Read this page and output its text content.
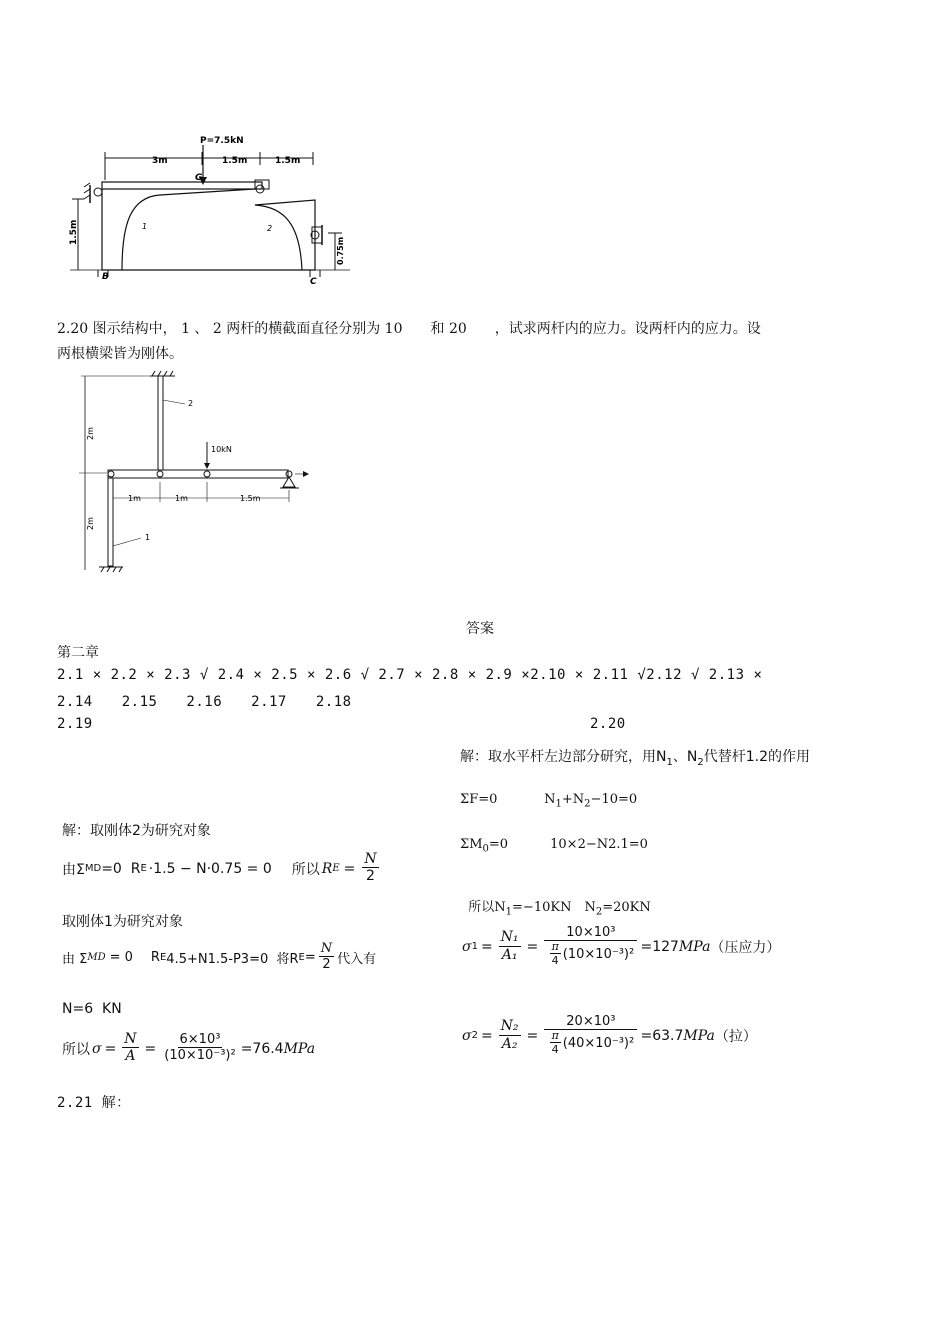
3m	1.5m	1.5m
P=7.5kN
G
1	2
1.5m
0.75m
B	C
2.20 图示结构中， 1 、 2 两杆的横截面直径分别为 10　　和 20　　，试求两杆内的应力。设两杆内的应力。设
两根横梁皆为刚体。
2
2m
2m
10kN
1m	1m	1.5m
1
答案
第二章
2.1 × 2.2 × 2.3 √ 2.4 × 2.5 × 2.6 √ 2.7 × 2.8 × 2.9 ×2.10 × 2.11 √2.12 √ 2.13 ×
2.14　　2.15　　2.16　　2.17　　2.18
2.19	2.20
解：取刚体2为研究对象
由Σ MD =0  R E ·1.5 − N·0.75 = 0 所以 R $E = \frac{N}{2}$
取刚体1为研究对象
由 Σ MD = 0 R E 4.5+N1.5-P3=0  将R $E = \frac{N}{2}$ 代入有
N=6  KN
所以 $\sigma = \frac{N}{A} = \frac{\text{6×10³}}{\text{(10×10⁻³)²}} =76.4$ MPa
2.21 解：
解：取水平杆左边部分研究，用$N_1$、$N_2$代替杆1.2的作用
ΣF=0	$N_1+N_2-10=0$
$\Sigma M_0=0$	10×2−N2.1=0

所以$N_1=-10KN$　$N_2=20KN$

σ $1 = \frac{\text{N₁}}{\text{A₁}} = \frac{\text{10×10³}}{\frac{\pi}{4} (10\times 10^{-3})^2} =127$ MPa （压应力）
σ $2 = \frac{\text{N₂}}{\text{A₂}} = \frac{\text{20×10³}}{\frac{\pi}{4} (40\times 10^{-3})^2} =63.7$ MPa （拉）
